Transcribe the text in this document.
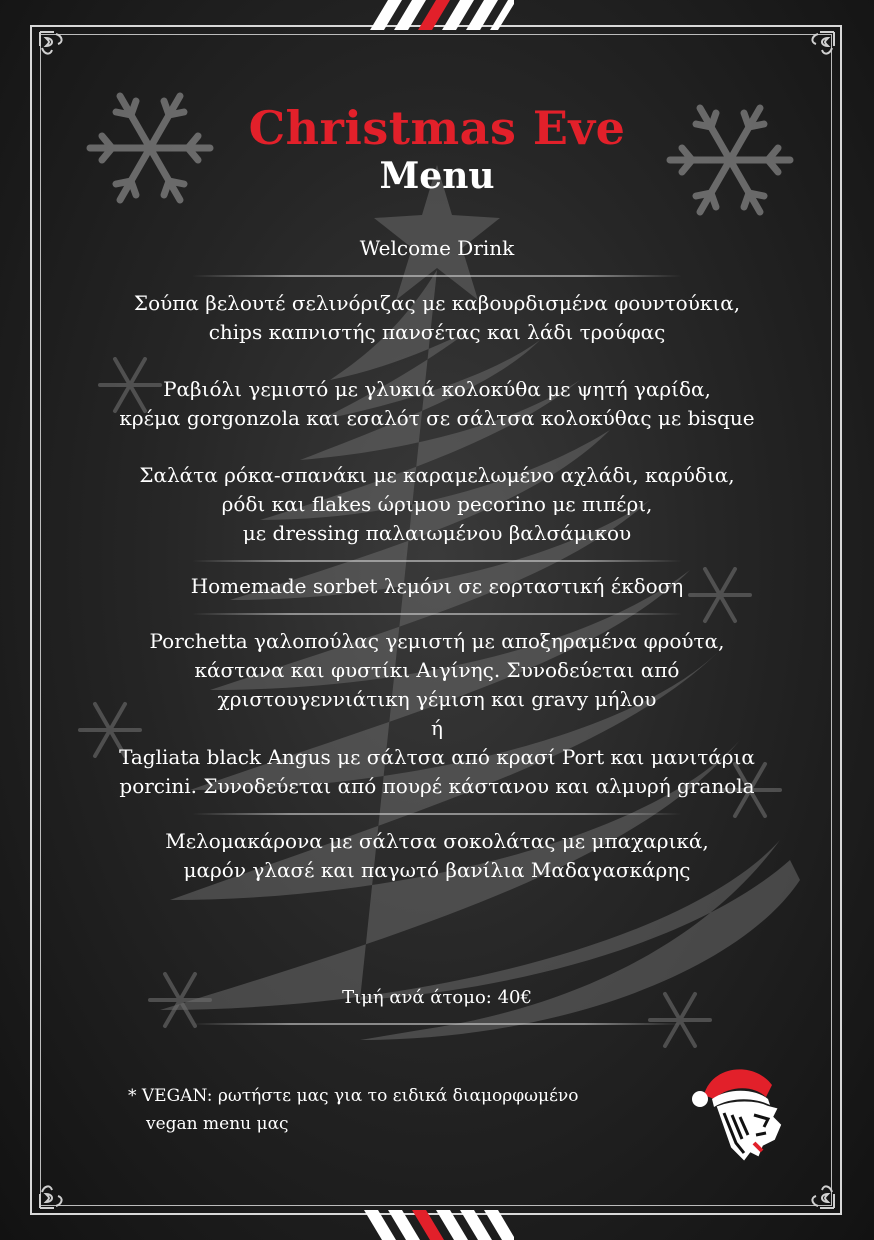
Christmas Eve
Menu

Welcome Drink

Σούπα βελουτέ σελινόριζας με καβουρδισμένα φουντούκια,

chips καπνιστής πανσέτας και λάδι τρούφας

Ραβιόλι γεμιστό με γλυκιά κολοκύθα με ψητή γαρίδα,

κρέμα gorgonzola και εσαλότ σε σάλτσα κολοκύθας με bisque

Σαλάτα ρόκα-σπανάκι με καραμελωμένο αχλάδι, καρύδια,

ρόδι και flakes ώριμου pecorino με πιπέρι,

με dressing παλαιωμένου βαλσάμικου

Homemade sorbet λεμόνι σε εορταστική έκδοση

Porchetta γαλοπούλας γεμιστή με αποξηραμένα φρούτα,

κάστανα και φυστίκι Αιγίνης. Συνοδεύεται από

χριστουγεννιάτικη γέμιση και gravy μήλου

ή

Tagliata black Angus με σάλτσα από κρασί Port και μανιτάρια

porcini. Συνοδεύεται από πουρέ κάστανου και αλμυρή granola

Μελομακάρονα με σάλτσα σοκολάτας με μπαχαρικά,

μαρόν γλασέ και παγωτό βανίλια Μαδαγασκάρης

Τιμή ανά άτομο: 40€

* VEGAN: ρωτήστε μας για το ειδικά διαμορφωμένο
vegan menu μας
